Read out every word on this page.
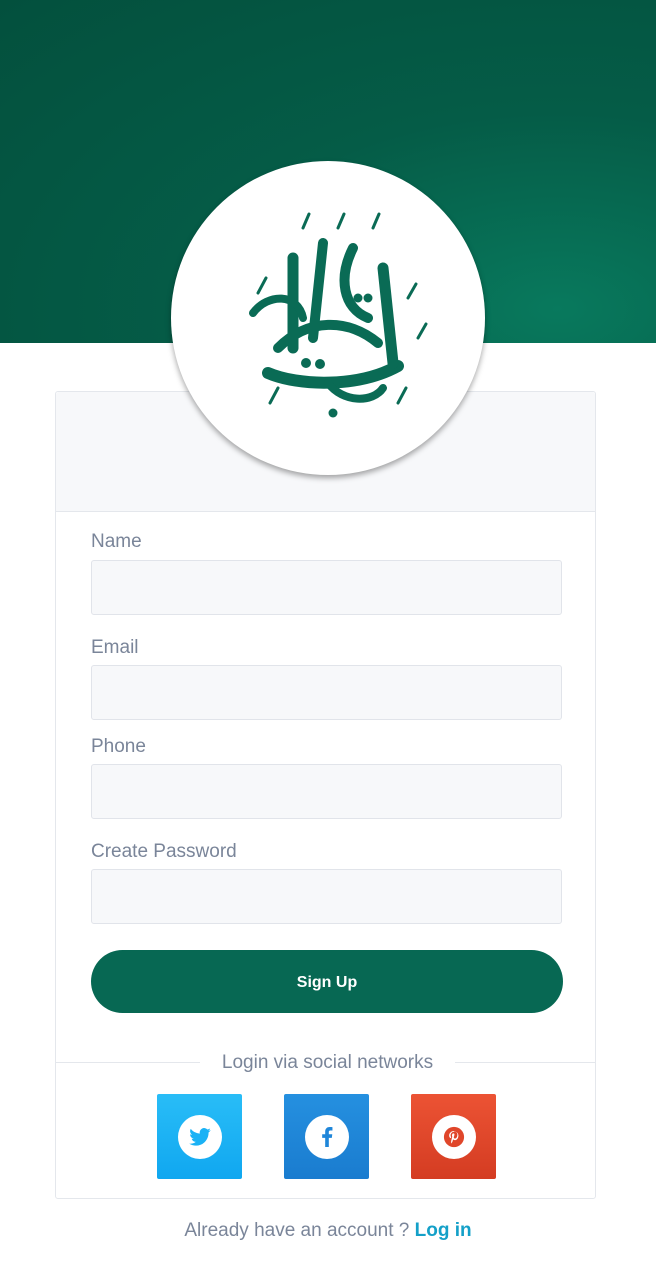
Name
Email
Phone
Create Password
Sign Up
Login via social networks
Already have an account ? Log in
